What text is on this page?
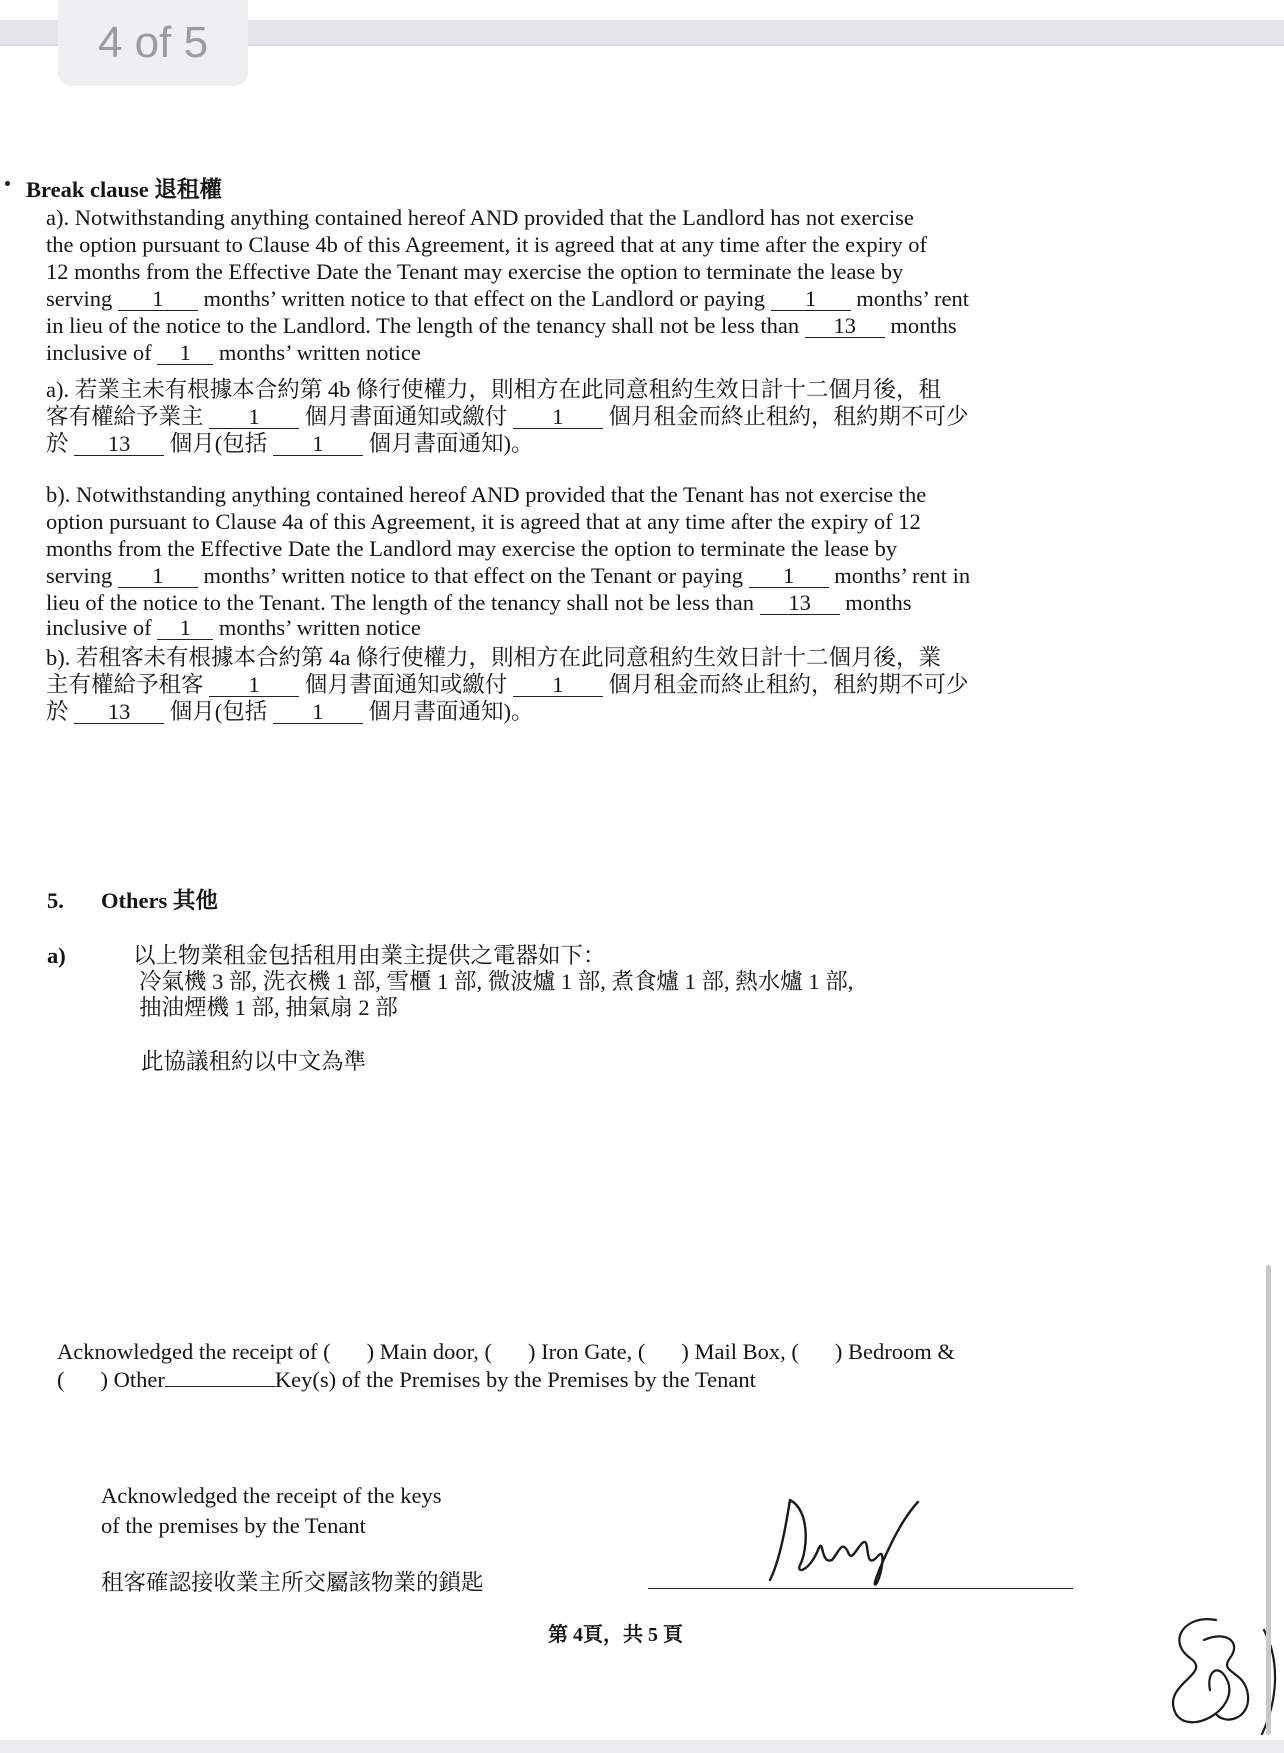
4 of 5
Break clause 退租權
a). Notwithstanding anything contained hereof AND provided that the Landlord has not exercise
the option pursuant to Clause 4b of this Agreement, it is agreed that at any time after the expiry of
12 months from the Effective Date the Tenant may exercise the option to terminate the lease by
serving 1 months’ written notice to that effect on the Landlord or paying 1 months’ rent
in lieu of the notice to the Landlord. The length of the tenancy shall not be less than 13 months
inclusive of 1 months’ written notice
a). 若業主未有根據本合約第 4b 條行使權力，則相方在此同意租約生效日計十二個月後，租
客有權給予業主 1 個月書面通知或繳付 1 個月租金而終止租約，租約期不可少
於 13 個月(包括 1 個月書面通知)。
b). Notwithstanding anything contained hereof AND provided that the Tenant has not exercise the
option pursuant to Clause 4a of this Agreement, it is agreed that at any time after the expiry of 12
months from the Effective Date the Landlord may exercise the option to terminate the lease by
serving 1 months’ written notice to that effect on the Tenant or paying 1 months’ rent in
lieu of the notice to the Tenant. The length of the tenancy shall not be less than 13 months
inclusive of 1 months’ written notice
b). 若租客未有根據本合約第 4a 條行使權力，則相方在此同意租約生效日計十二個月後，業
主有權給予租客 1 個月書面通知或繳付 1 個月租金而終止租約，租約期不可少
於 13 個月(包括 1 個月書面通知)。
5. Others 其他
a)	以上物業租金包括租用由業主提供之電器如下：
冷氣機 3 部, 洗衣機 1 部, 雪櫃 1 部, 微波爐 1 部, 煮食爐 1 部, 熱水爐 1 部,
抽油煙機 1 部, 抽氣扇 2 部
此協議租約以中文為準
Acknowledged the receipt of ( ) Main door, ( ) Iron Gate, ( ) Mail Box, ( ) Bedroom &
( ) Other	Key(s) of the Premises by the Premises by the Tenant
Acknowledged the receipt of the keys
of the premises by the Tenant
租客確認接收業主所交屬該物業的鎖匙
第 4頁，共 5 頁
